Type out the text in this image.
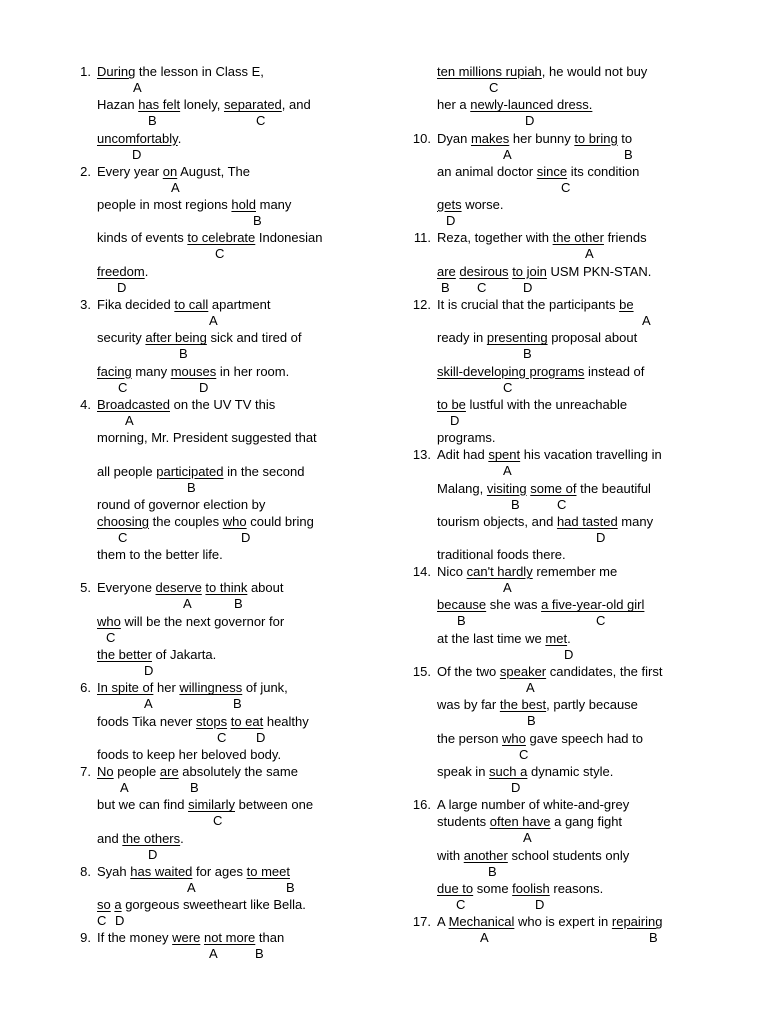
1. During the lesson in Class E,
A
Hazan has felt lonely, separated, and
B	C
uncomfortably.
D
2. Every year on August, The
A
people in most regions hold many
B
kinds of events to celebrate Indonesian
C
freedom.
D
3. Fika decided to call apartment
A
security after being sick and tired of
B
facing many mouses in her room.
C	D
4. Broadcasted on the UV TV this
A
morning, Mr. President suggested that
all people participated in the second
B
round of governor election by
choosing the couples who could bring
C	D
them to the better life.
5. Everyone deserve to think about
A	B
who will be the next governor for
C
the better of Jakarta.
D
6. In spite of her willingness of junk,
A	B
foods Tika never stops to eat healthy
C D
foods to keep her beloved body.
7. No people are absolutely the same
A	B
but we can find similarly between one
C
and the others.
D
8. Syah has waited for ages to meet
A	B
so a gorgeous sweetheart like Bella.
C D
9. If the money were not more than
A	B
ten millions rupiah, he would not buy
C
her a newly-launced dress.
D
10. Dyan makes her bunny to bring to
A	B
an animal doctor since its condition
C
gets worse.
D
11. Reza, together with the other friends
A
are desirous to join USM PKN-STAN.
B C	D
12. It is crucial that the participants be
A
ready in presenting proposal about
B
skill-developing programs instead of
C
to be lustful with the unreachable
D
programs.
13. Adit had spent his vacation travelling in
A
Malang, visiting some of the beautiful
B	C
tourism objects, and had tasted many
D
traditional foods there.
14. Nico can't hardly remember me
A
because she was a five-year-old girl
B	C
at the last time we met.
D
15. Of the two speaker candidates, the first
A
was by far the best, partly because
B
the person who gave speech had to
C
speak in such a dynamic style.
D
16. A large number of white-and-grey
students often have a gang fight
A
with another school students only
B
due to some foolish reasons.
C	D
17. A Mechanical who is expert in repairing
A	B
